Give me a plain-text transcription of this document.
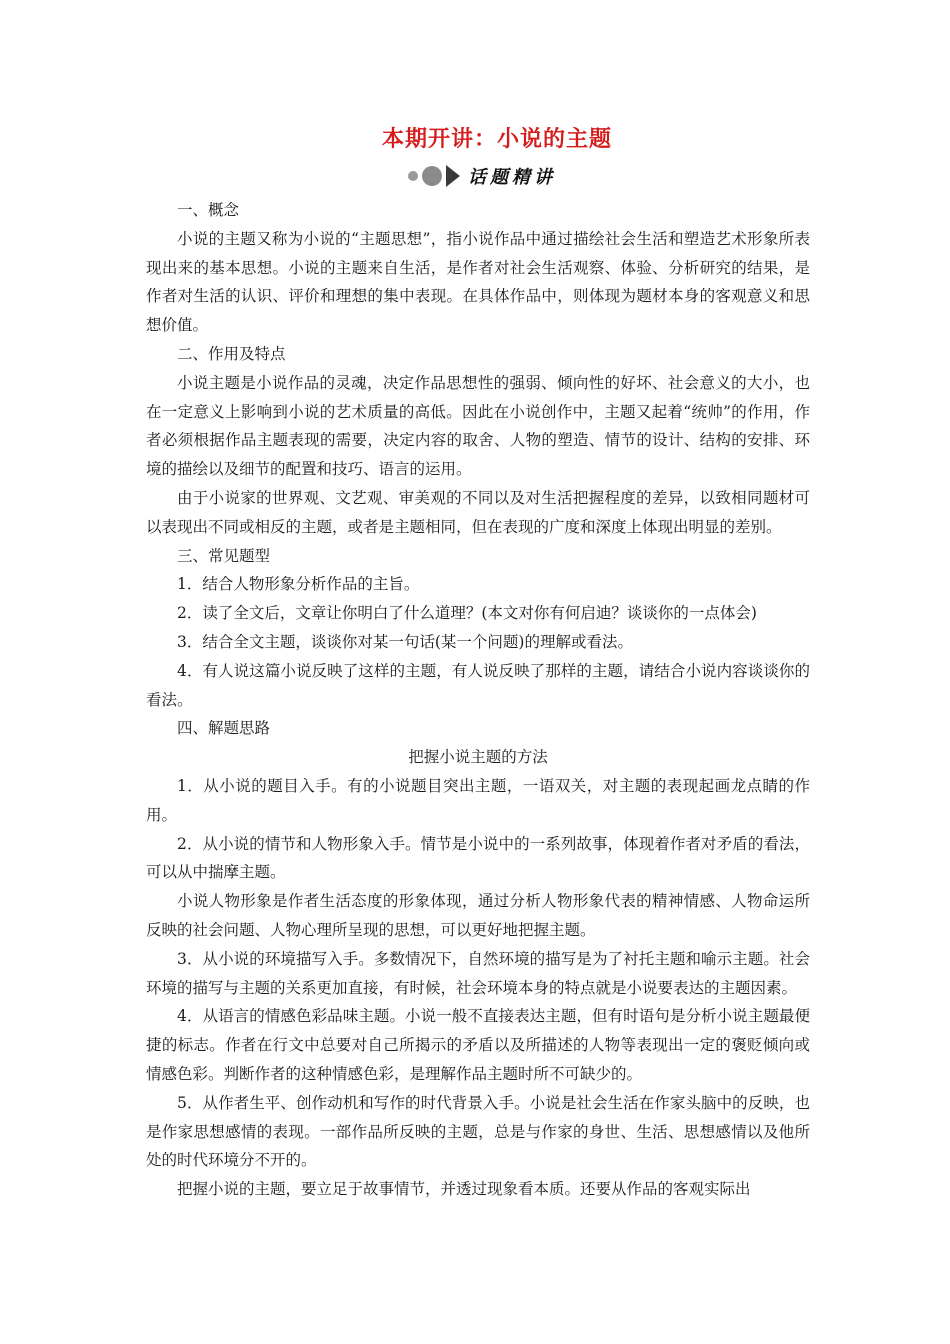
本期开讲：小说的主题
话题精讲

一、概念

小说的主题又称为小说的“主题思想”，指小说作品中通过描绘社会生活和塑造艺术形象所表现出来的基本思想。小说的主题来自生活，是作者对社会生活观察、体验、分析研究的结果，是作者对生活的认识、评价和理想的集中表现。在具体作品中，则体现为题材本身的客观意义和思想价值。

二、作用及特点

小说主题是小说作品的灵魂，决定作品思想性的强弱、倾向性的好坏、社会意义的大小，也在一定意义上影响到小说的艺术质量的高低。因此在小说创作中，主题又起着“统帅”的作用，作者必须根据作品主题表现的需要，决定内容的取舍、人物的塑造、情节的设计、结构的安排、环境的描绘以及细节的配置和技巧、语言的运用。

由于小说家的世界观、文艺观、审美观的不同以及对生活把握程度的差异，以致相同题材可以表现出不同或相反的主题，或者是主题相同，但在表现的广度和深度上体现出明显的差别。

三、常见题型

1．结合人物形象分析作品的主旨。

2．读了全文后，文章让你明白了什么道理？(本文对你有何启迪？谈谈你的一点体会)

3．结合全文主题，谈谈你对某一句话(某一个问题)的理解或看法。

4．有人说这篇小说反映了这样的主题，有人说反映了那样的主题，请结合小说内容谈谈你的看法。

四、解题思路

把握小说主题的方法

1．从小说的题目入手。有的小说题目突出主题，一语双关，对主题的表现起画龙点睛的作用。

2．从小说的情节和人物形象入手。情节是小说中的一系列故事，体现着作者对矛盾的看法，可以从中揣摩主题。

小说人物形象是作者生活态度的形象体现，通过分析人物形象代表的精神情感、人物命运所反映的社会问题、人物心理所呈现的思想，可以更好地把握主题。

3．从小说的环境描写入手。多数情况下，自然环境的描写是为了衬托主题和喻示主题。社会环境的描写与主题的关系更加直接，有时候，社会环境本身的特点就是小说要表达的主题因素。

4．从语言的情感色彩品味主题。小说一般不直接表达主题，但有时语句是分析小说主题最便捷的标志。作者在行文中总要对自己所揭示的矛盾以及所描述的人物等表现出一定的褒贬倾向或情感色彩。判断作者的这种情感色彩，是理解作品主题时所不可缺少的。

5．从作者生平、创作动机和写作的时代背景入手。小说是社会生活在作家头脑中的反映，也是作家思想感情的表现。一部作品所反映的主题，总是与作家的身世、生活、思想感情以及他所处的时代环境分不开的。

把握小说的主题，要立足于故事情节，并透过现象看本质。还要从作品的客观实际出
